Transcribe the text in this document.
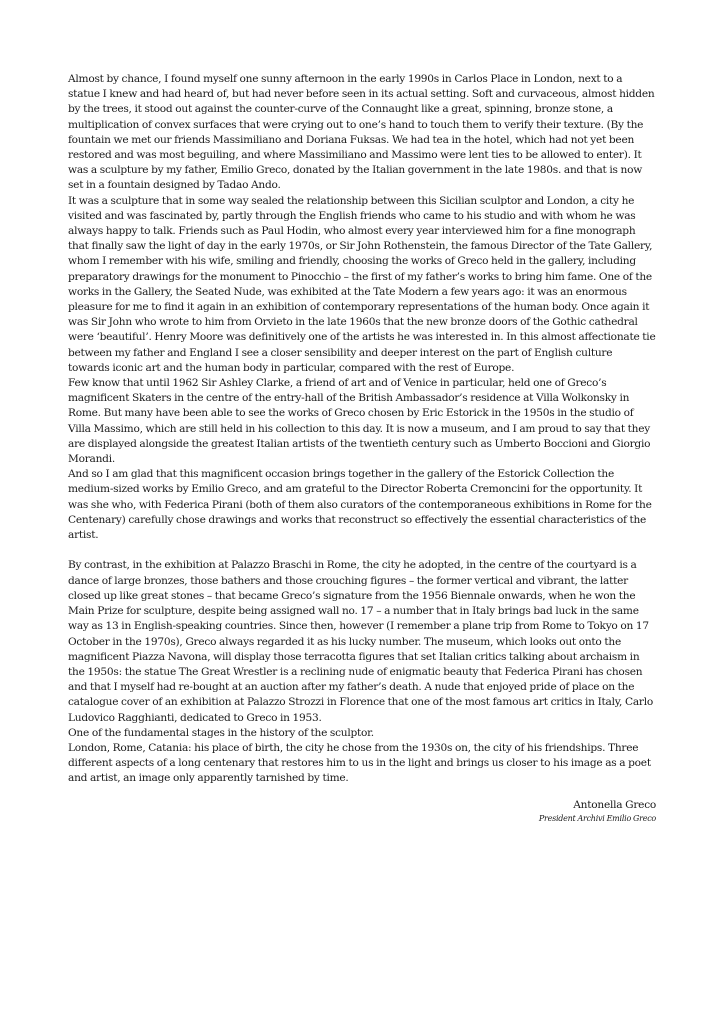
Almost by chance, I found myself one sunny afternoon in the early 1990s in Carlos Place in London, next to a statue I knew and had heard of, but had never before seen in its actual setting. Soft and curvaceous, almost hidden by the trees, it stood out against the counter-curve of the Connaught like a great, spinning, bronze stone, a multiplication of convex surfaces that were crying out to one’s hand to touch them to verify their texture. (By the fountain we met our friends Massimiliano and Doriana Fuksas. We had tea in the hotel, which had not yet been restored and was most beguiling, and where Massimiliano and Massimo were lent ties to be allowed to enter). It was a sculpture by my father, Emilio Greco, donated by the Italian government in the late 1980s. and that is now set in a fountain designed by Tadao Ando.

It was a sculpture that in some way sealed the relationship between this Sicilian sculptor and London, a city he visited and was fascinated by, partly through the English friends who came to his studio and with whom he was always happy to talk. Friends such as Paul Hodin, who almost every year interviewed him for a fine monograph that finally saw the light of day in the early 1970s, or Sir John Rothenstein, the famous Director of the Tate Gallery, whom I remember with his wife, smiling and friendly, choosing the works of Greco held in the gallery, including preparatory drawings for the monument to Pinocchio – the first of my father’s works to bring him fame. One of the works in the Gallery, the Seated Nude, was exhibited at the Tate Modern a few years ago: it was an enormous pleasure for me to find it again in an exhibition of contemporary representations of the human body. Once again it was Sir John who wrote to him from Orvieto in the late 1960s that the new bronze doors of the Gothic cathedral were ‘beautiful’. Henry Moore was definitively one of the artists he was interested in. In this almost affectionate tie between my father and England I see a closer sensibility and deeper interest on the part of English culture towards iconic art and the human body in particular, compared with the rest of Europe.

Few know that until 1962 Sir Ashley Clarke, a friend of art and of Venice in particular, held one of Greco’s magnificent Skaters in the centre of the entry-hall of the British Ambassador’s residence at Villa Wolkonsky in Rome. But many have been able to see the works of Greco chosen by Eric Estorick in the 1950s in the studio of Villa Massimo, which are still held in his collection to this day. It is now a museum, and I am proud to say that they are displayed alongside the greatest Italian artists of the twentieth century such as Umberto Boccioni and Giorgio Morandi.

And so I am glad that this magnificent occasion brings together in the gallery of the Estorick Collection the medium-sized works by Emilio Greco, and am grateful to the Director Roberta Cremoncini for the opportunity. It was she who, with Federica Pirani (both of them also curators of the contemporaneous exhibitions in Rome for the Centenary) carefully chose drawings and works that reconstruct so effectively the essential characteristics of the artist.

By contrast, in the exhibition at Palazzo Braschi in Rome, the city he adopted, in the centre of the courtyard is a dance of large bronzes, those bathers and those crouching figures – the former vertical and vibrant, the latter closed up like great stones – that became Greco’s signature from the 1956 Biennale onwards, when he won the Main Prize for sculpture, despite being assigned wall no. 17 – a number that in Italy brings bad luck in the same way as 13 in English-speaking countries. Since then, however (I remember a plane trip from Rome to Tokyo on 17 October in the 1970s), Greco always regarded it as his lucky number. The museum, which looks out onto the magnificent Piazza Navona, will display those terracotta figures that set Italian critics talking about archaism in the 1950s: the statue The Great Wrestler is a reclining nude of enigmatic beauty that Federica Pirani has chosen and that I myself had re-bought at an auction after my father’s death. A nude that enjoyed pride of place on the catalogue cover of an exhibition at Palazzo Strozzi in Florence that one of the most famous art critics in Italy, Carlo Ludovico Ragghianti, dedicated to Greco in 1953.

One of the fundamental stages in the history of the sculptor.

London, Rome, Catania: his place of birth, the city he chose from the 1930s on, the city of his friendships. Three different aspects of a long centenary that restores him to us in the light and brings us closer to his image as a poet and artist, an image only apparently tarnished by time.

Antonella Greco
President Archivi Emilio Greco
